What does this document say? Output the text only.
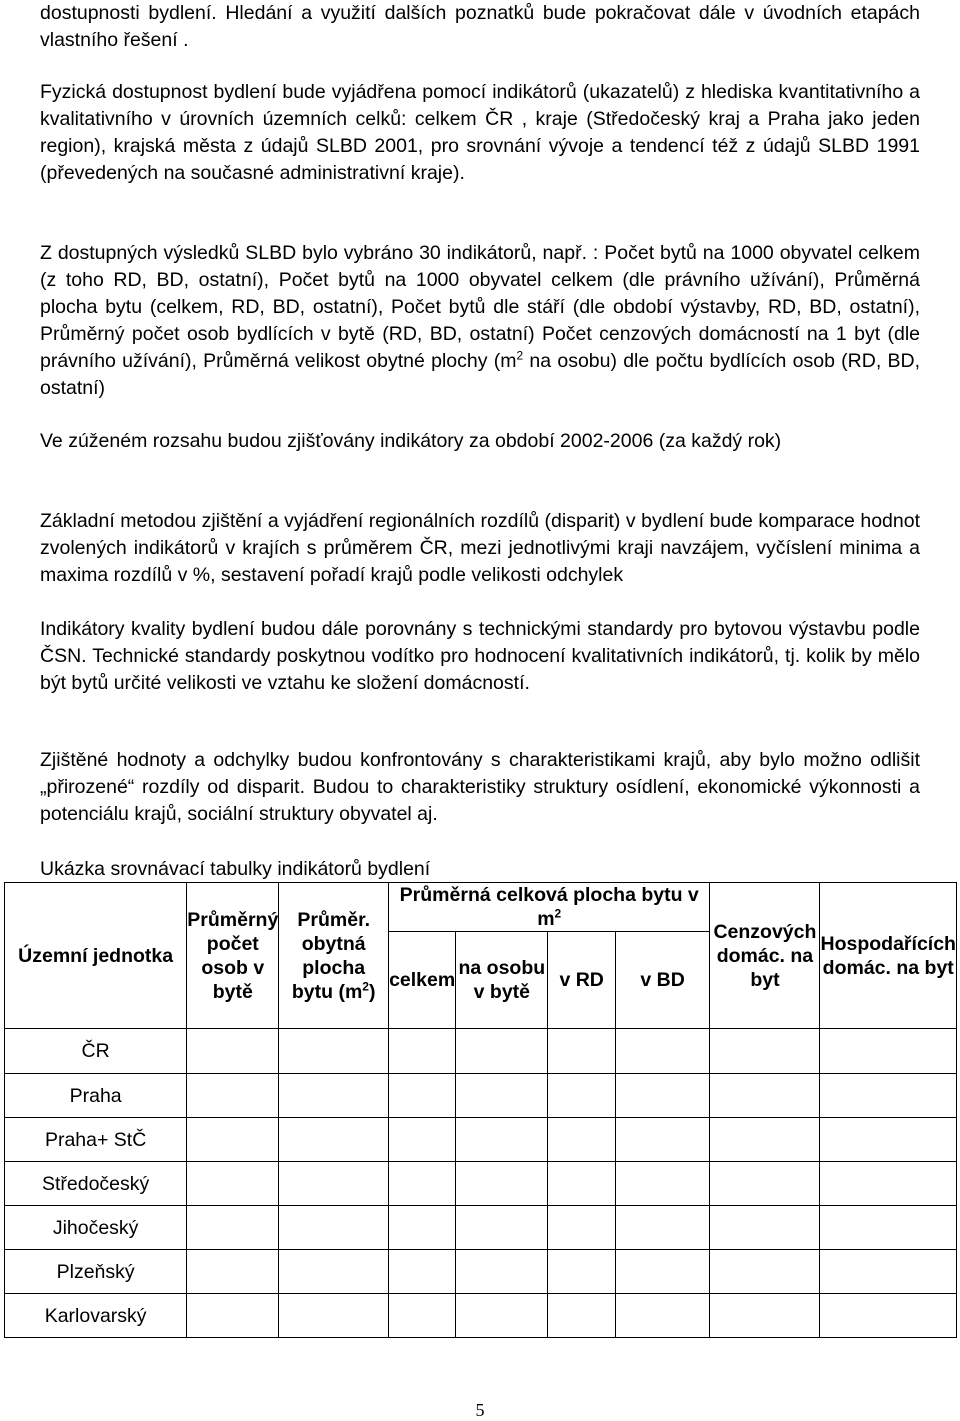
dostupnosti bydlení. Hledání a využití dalších poznatků bude pokračovat dále v úvodních etapách vlastního řešení .

Fyzická dostupnost bydlení bude vyjádřena pomocí indikátorů (ukazatelů) z hlediska kvantitativního a kvalitativního v úrovních územních celků: celkem ČR , kraje (Středočeský kraj a Praha jako jeden region), krajská města z údajů SLBD 2001, pro srovnání vývoje a tendencí též z údajů SLBD 1991 (převedených na současné administrativní kraje).

Z dostupných výsledků SLBD bylo vybráno 30 indikátorů, např. : Počet bytů na 1000 obyvatel celkem (z toho RD, BD, ostatní), Počet bytů na 1000 obyvatel celkem (dle právního užívání), Průměrná plocha bytu (celkem, RD, BD, ostatní), Počet bytů dle stáří (dle období výstavby, RD, BD, ostatní), Průměrný počet osob bydlících v bytě (RD, BD, ostatní) Počet cenzových domácností na 1 byt (dle právního užívání), Průměrná velikost obytné plochy ($m^2$ na osobu) dle počtu bydlících osob (RD, BD, ostatní)

Ve zúženém rozsahu budou zjišťovány indikátory za období 2002-2006 (za každý rok)

Základní metodou zjištění a vyjádření regionálních rozdílů (disparit) v bydlení bude komparace hodnot zvolených indikátorů v krajích s průměrem ČR, mezi jednotlivými kraji navzájem, vyčíslení minima a maxima rozdílů v %, sestavení pořadí krajů podle velikosti odchylek

Indikátory kvality bydlení budou dále porovnány s technickými standardy pro bytovou výstavbu podle ČSN. Technické standardy poskytnou vodítko pro hodnocení kvalitativních indikátorů, tj. kolik by mělo být bytů určité velikosti ve vztahu ke složení domácností.

Zjištěné hodnoty a odchylky budou konfrontovány s charakteristikami krajů, aby bylo možno odlišit „přirozené“ rozdíly od disparit. Budou to charakteristiky struktury osídlení, ekonomické výkonnosti a potenciálu krajů, sociální struktury obyvatel aj.

Ukázka srovnávací tabulky indikátorů bydlení
Územní jednotka	Průměrný počet osob v bytě	Průměr. obytná plocha bytu $(m^2)$	Průměrná celková plocha bytu v $m^2$				Cenzových domác. na byt	Hospodařících domác. na byt
			celkem	na osobu v bytě	v RD	v BD		
ČR								
Praha								
Praha+ StČ								
Středočeský								
Jihočeský								
Plzeňský								
Karlovarský								
5
